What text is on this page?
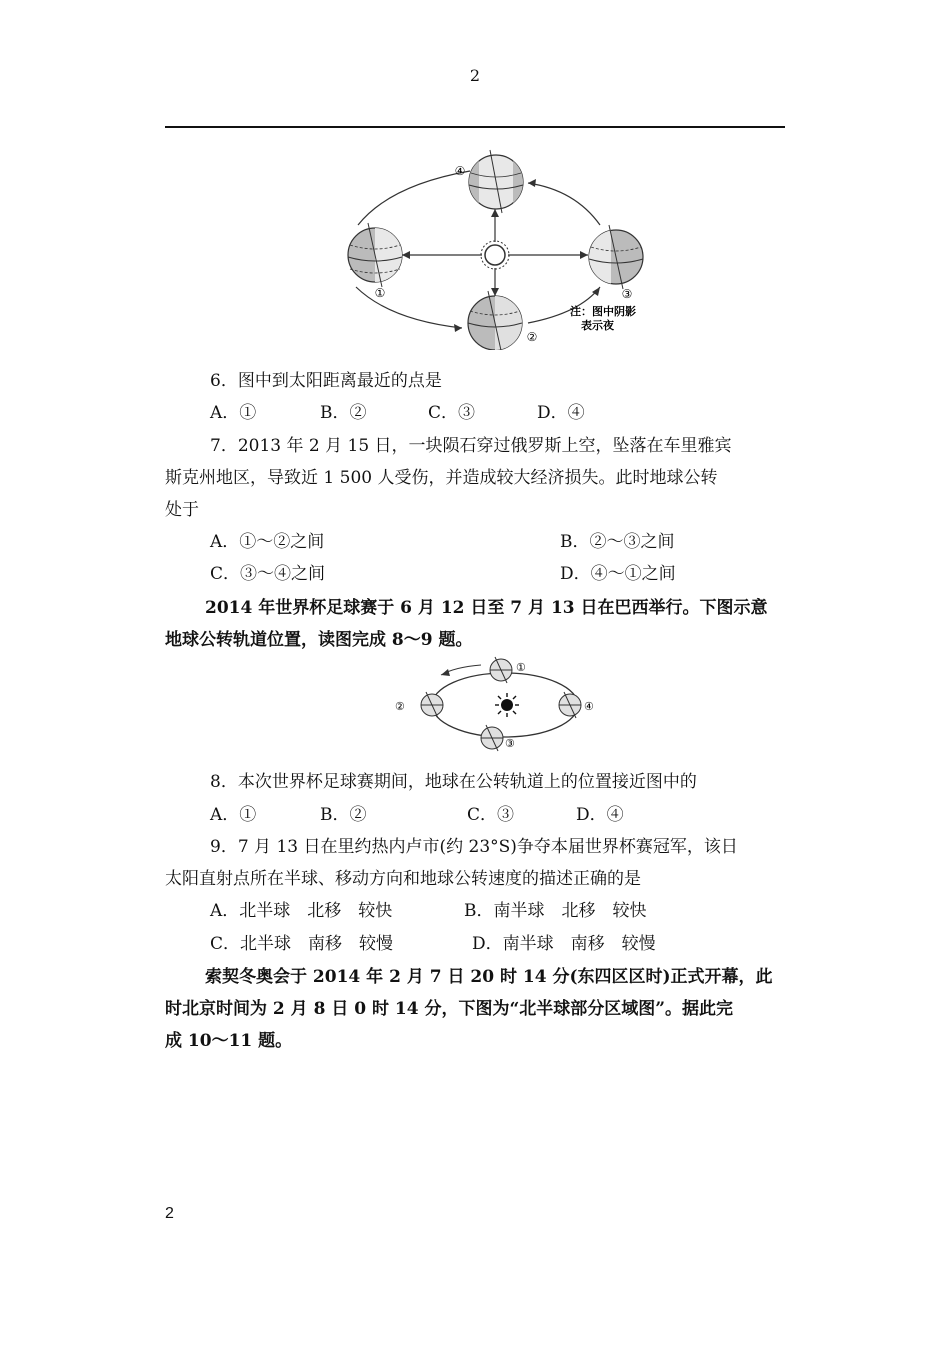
2
①
②
③
④
注：图中阴影
表示夜
6．图中到太阳距离最近的点是
A．①	B．②	C．③	D．④
7．2013 年 2 月 15 日，一块陨石穿过俄罗斯上空，坠落在车里雅宾
斯克州地区，导致近 1 500 人受伤，并造成较大经济损失。此时地球公转
处于
A．①～②之间	B．②～③之间
C．③～④之间	D．④～①之间
2014 年世界杯足球赛于 6 月 12 日至 7 月 13 日在巴西举行。下图示意
地球公转轨道位置，读图完成 8～9 题。
①
②
③
④
8．本次世界杯足球赛期间，地球在公转轨道上的位置接近图中的
A．①	B．②	C．③	D．④
9．7 月 13 日在里约热内卢市(约 23°S)争夺本届世界杯赛冠军，该日
太阳直射点所在半球、移动方向和地球公转速度的描述正确的是
A．北半球　北移　较快	B．南半球　北移　较快
C．北半球　南移　较慢	D．南半球　南移　较慢
索契冬奥会于 2014 年 2 月 7 日 20 时 14 分(东四区区时)正式开幕，此
时北京时间为 2 月 8 日 0 时 14 分，下图为“北半球部分区域图”。据此完
成 10～11 题。
2
